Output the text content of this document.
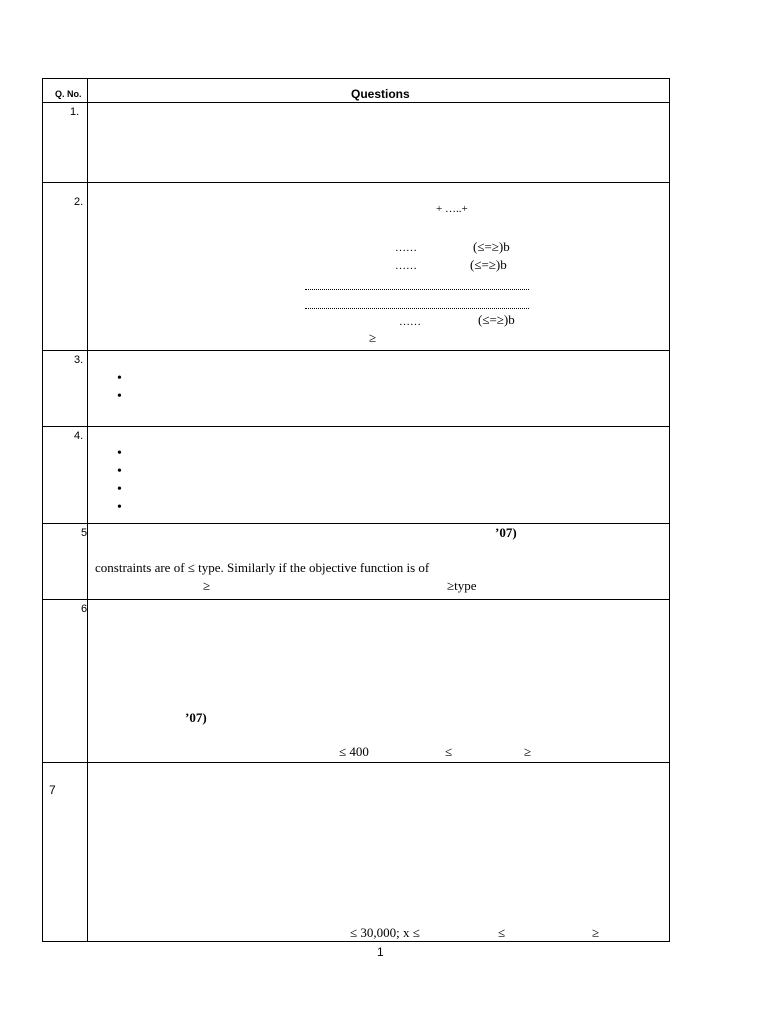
Q. No.	Questions
1.
2.
+ …..+
……	(≤=≥)b
……	(≤=≥)b
……	(≤=≥)b
≥
3.
•
•
4.
•
•
•
•
5	’07)
constraints are of ≤ type. Similarly if the objective function is of
≥	≥type
6
’07)
≤ 400	≤	≥
7
≤ 30,000; x ≤	≤	≥
1
